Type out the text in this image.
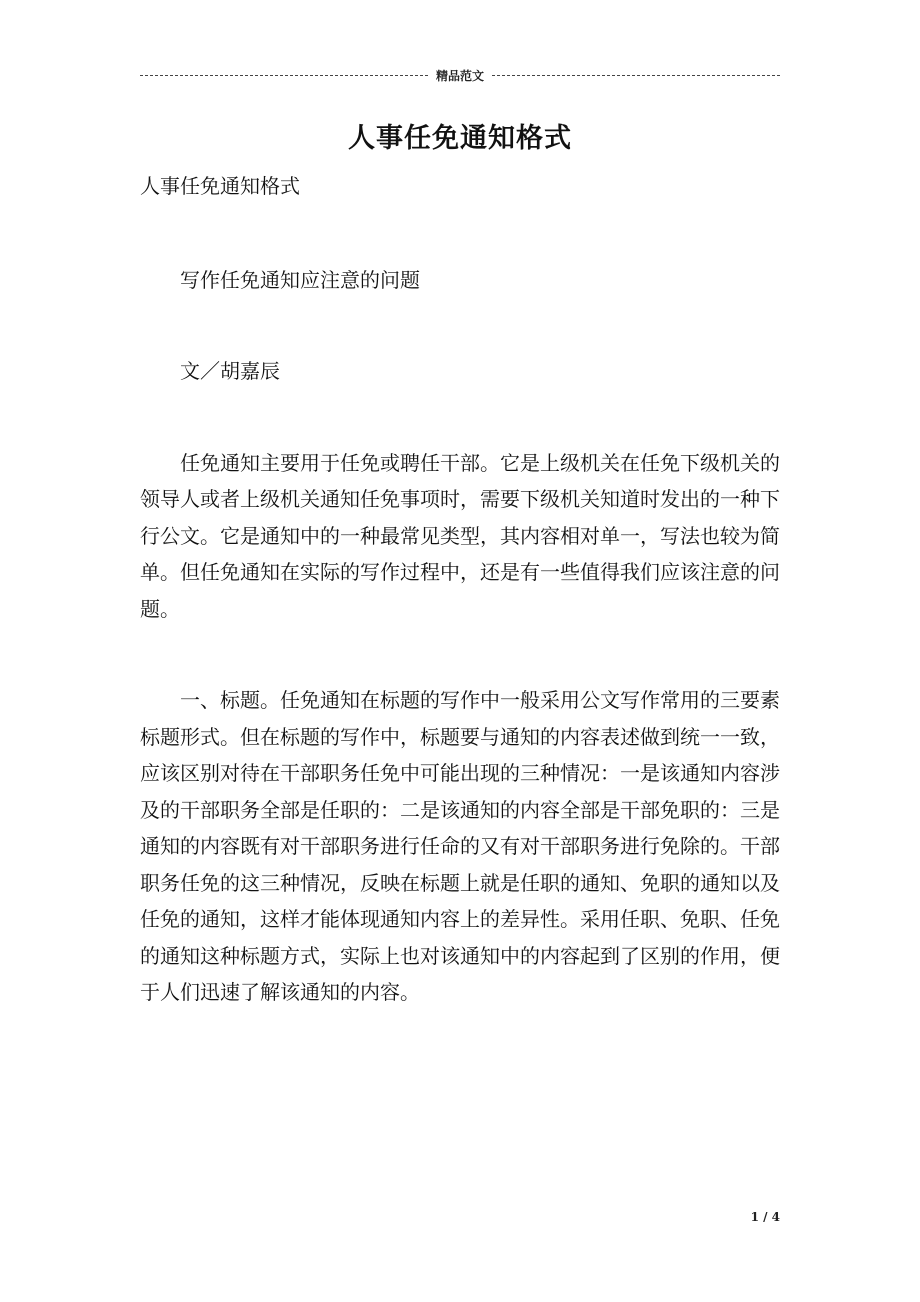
精品范文
人事任免通知格式

人事任免通知格式

写作任免通知应注意的问题

文／胡嘉辰

任免通知主要用于任免或聘任干部。它是上级机关在任免下级机关的领导人或者上级机关通知任免事项时，需要下级机关知道时发出的一种下行公文。它是通知中的一种最常见类型，其内容相对单一，写法也较为简单。但任免通知在实际的写作过程中，还是有一些值得我们应该注意的问题。

一、标题。任免通知在标题的写作中一般采用公文写作常用的三要素标题形式。但在标题的写作中，标题要与通知的内容表述做到统一一致，应该区别对待在干部职务任免中可能出现的三种情况：一是该通知内容涉及的干部职务全部是任职的：二是该通知的内容全部是干部免职的：三是通知的内容既有对干部职务进行任命的又有对干部职务进行免除的。干部职务任免的这三种情况，反映在标题上就是任职的通知、免职的通知以及任免的通知，这样才能体现通知内容上的差异性。采用任职、免职、任免的通知这种标题方式，实际上也对该通知中的内容起到了区别的作用，便于人们迅速了解该通知的内容。

1 / 4
